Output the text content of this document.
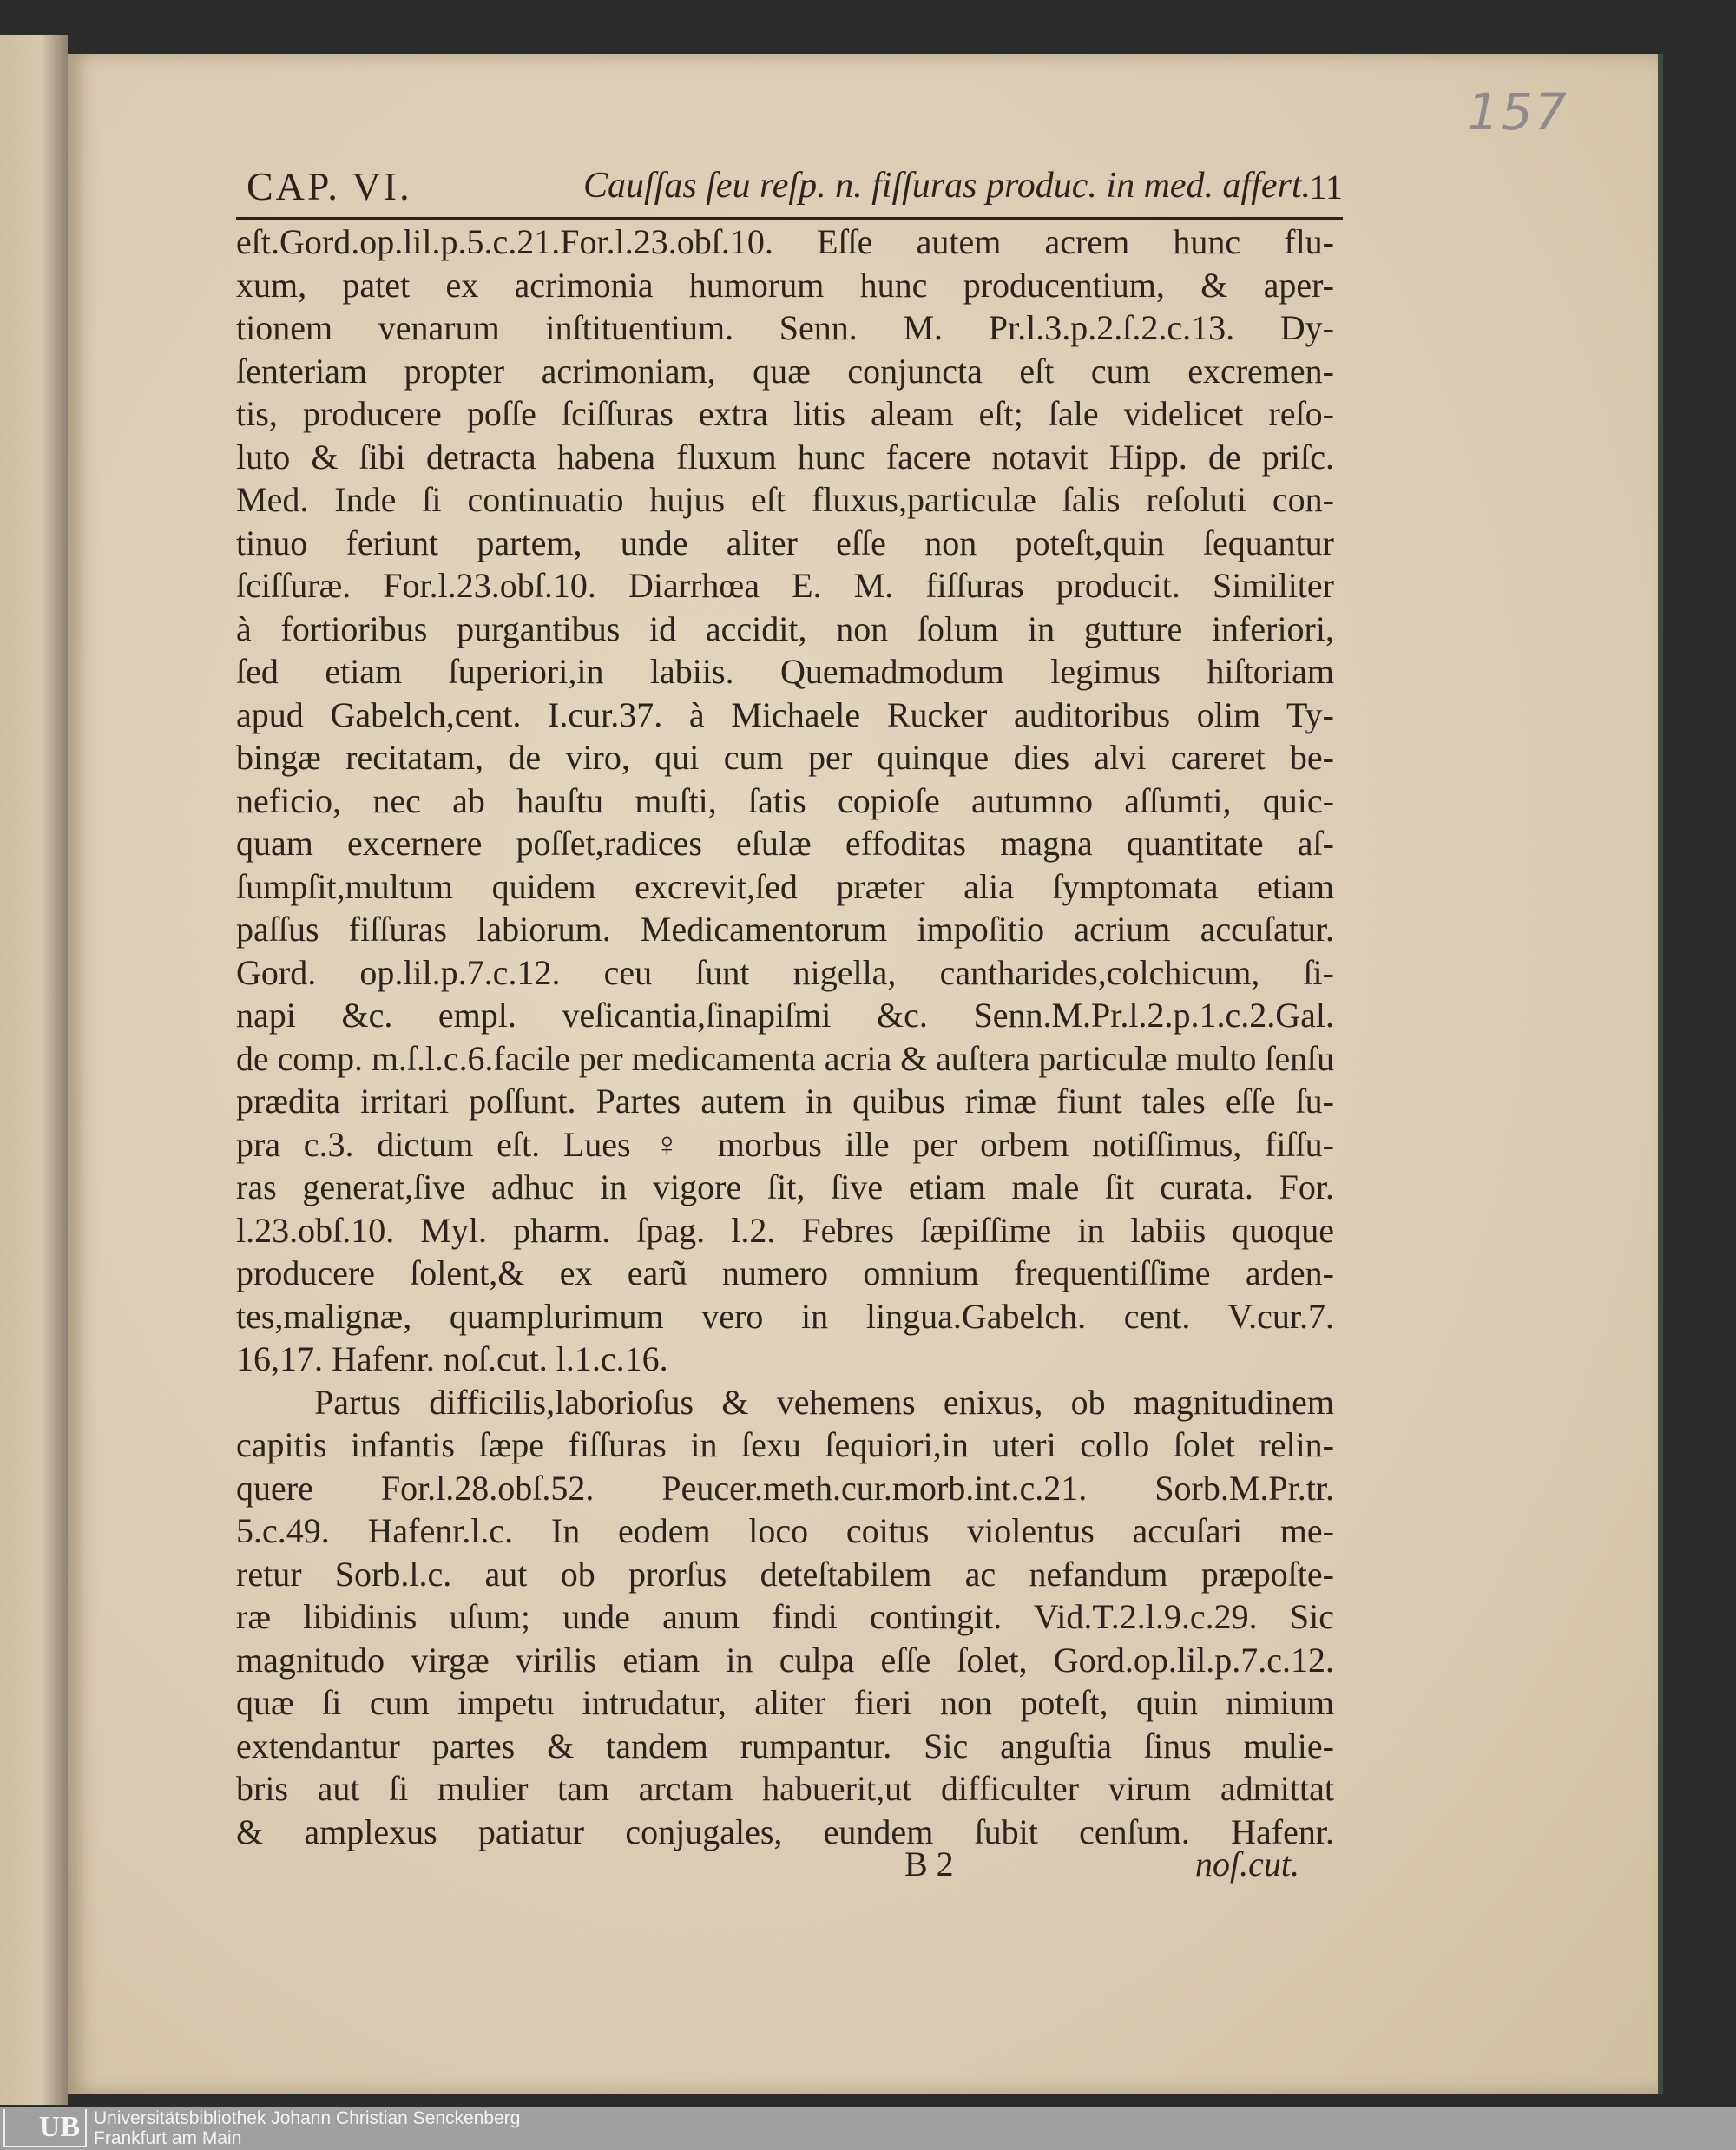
157
CAP. VI.	Cauſſas ſeu reſp. n. fiſſuras produc. in med. affert.
11
eſt.Gord.op.lil.p.5.c.21.For.l.23.obſ.10. Eſſe autem acrem hunc flu-
xum, patet ex acrimonia humorum hunc producentium, & aper-
tionem venarum inſtituentium. Senn. M. Pr.l.3.p.2.ſ.2.c.13. Dy-
ſenteriam propter acrimoniam, quæ conjuncta eſt cum excremen-
tis, producere poſſe ſciſſuras extra litis aleam eſt; ſale videlicet reſo-
luto & ſibi detracta habena fluxum hunc facere notavit Hipp. de priſc.
Med. Inde ſi continuatio hujus eſt fluxus,particulæ ſalis reſoluti con-
tinuo feriunt partem, unde aliter eſſe non poteſt,quin ſequantur
ſciſſuræ. For.l.23.obſ.10. Diarrhœa E. M. fiſſuras producit. Similiter
à fortioribus purgantibus id accidit, non ſolum in gutture inferiori,
ſed etiam ſuperiori,in labiis. Quemadmodum legimus hiſtoriam
apud Gabelch,cent. I.cur.37. à Michaele Rucker auditoribus olim Ty-
bingæ recitatam, de viro, qui cum per quinque dies alvi careret be-
neficio, nec ab hauſtu muſti, ſatis copioſe autumno aſſumti, quic-
quam excernere poſſet,radices eſulæ effoditas magna quantitate aſ-
ſumpſit,multum quidem excrevit,ſed præter alia ſymptomata etiam
paſſus fiſſuras labiorum. Medicamentorum impoſitio acrium accuſatur.
Gord. op.lil.p.7.c.12. ceu ſunt nigella, cantharides,colchicum, ſi-
napi &c. empl. veſicantia,ſinapiſmi &c. Senn.M.Pr.l.2.p.1.c.2.Gal.
de comp. m.ſ.l.c.6.facile per medicamenta acria & auſtera particulæ multo ſenſu
prædita irritari poſſunt. Partes autem in quibus rimæ fiunt tales eſſe ſu-
pra c.3. dictum eſt. Lues ♀ morbus ille per orbem notiſſimus, fiſſu-
ras generat,ſive adhuc in vigore ſit, ſive etiam male ſit curata. For.
l.23.obſ.10. Myl. pharm. ſpag. l.2. Febres ſæpiſſime in labiis quoque
producere ſolent,& ex earũ numero omnium frequentiſſime arden-
tes,malignæ, quamplurimum vero in lingua.Gabelch. cent. V.cur.7.
16,17. Hafenr. noſ.cut. l.1.c.16.
Partus difficilis,laborioſus & vehemens enixus, ob magnitudinem
capitis infantis ſæpe fiſſuras in ſexu ſequiori,in uteri collo ſolet relin-
quere For.l.28.obſ.52. Peucer.meth.cur.morb.int.c.21. Sorb.M.Pr.tr.
5.c.49. Hafenr.l.c. In eodem loco coitus violentus accuſari me-
retur Sorb.l.c. aut ob prorſus deteſtabilem ac nefandum præpoſte-
ræ libidinis uſum; unde anum findi contingit. Vid.T.2.l.9.c.29. Sic
magnitudo virgæ virilis etiam in culpa eſſe ſolet, Gord.op.lil.p.7.c.12.
quæ ſi cum impetu intrudatur, aliter fieri non poteſt, quin nimium
extendantur partes & tandem rumpantur. Sic anguſtia ſinus mulie-
bris aut ſi mulier tam arctam habuerit,ut difficulter virum admittat
& amplexus patiatur conjugales, eundem ſubit cenſum. Hafenr.
B 2	noſ.cut.
UB Universitätsbibliothek Johann Christian Senckenberg
Frankfurt am Main
